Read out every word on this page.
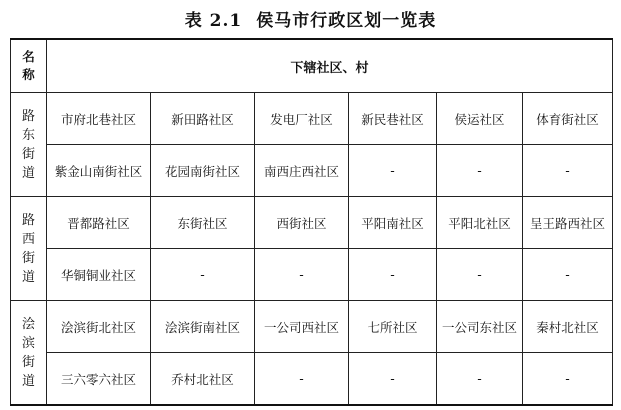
表 2.1 侯马市行政区划一览表
名
称	下辖社区、村					

路
东
街
道	市府北巷社区	新田路社区	发电厂社区	新民巷社区	侯运社区	体育街社区
	紫金山南街社区	花园南街社区	南西庄西社区	-	-	-

路
西
街
道	晋都路社区	东街社区	西街社区	平阳南社区	平阳北社区	呈王路西社区
	华铜铜业社区	-	-	-	-	-

浍
滨
街
道	浍滨街北社区	浍滨街南社区	一公司西社区	七所社区	一公司东社区	秦村北社区
	三六零六社区	乔村北社区	-	-	-	-
